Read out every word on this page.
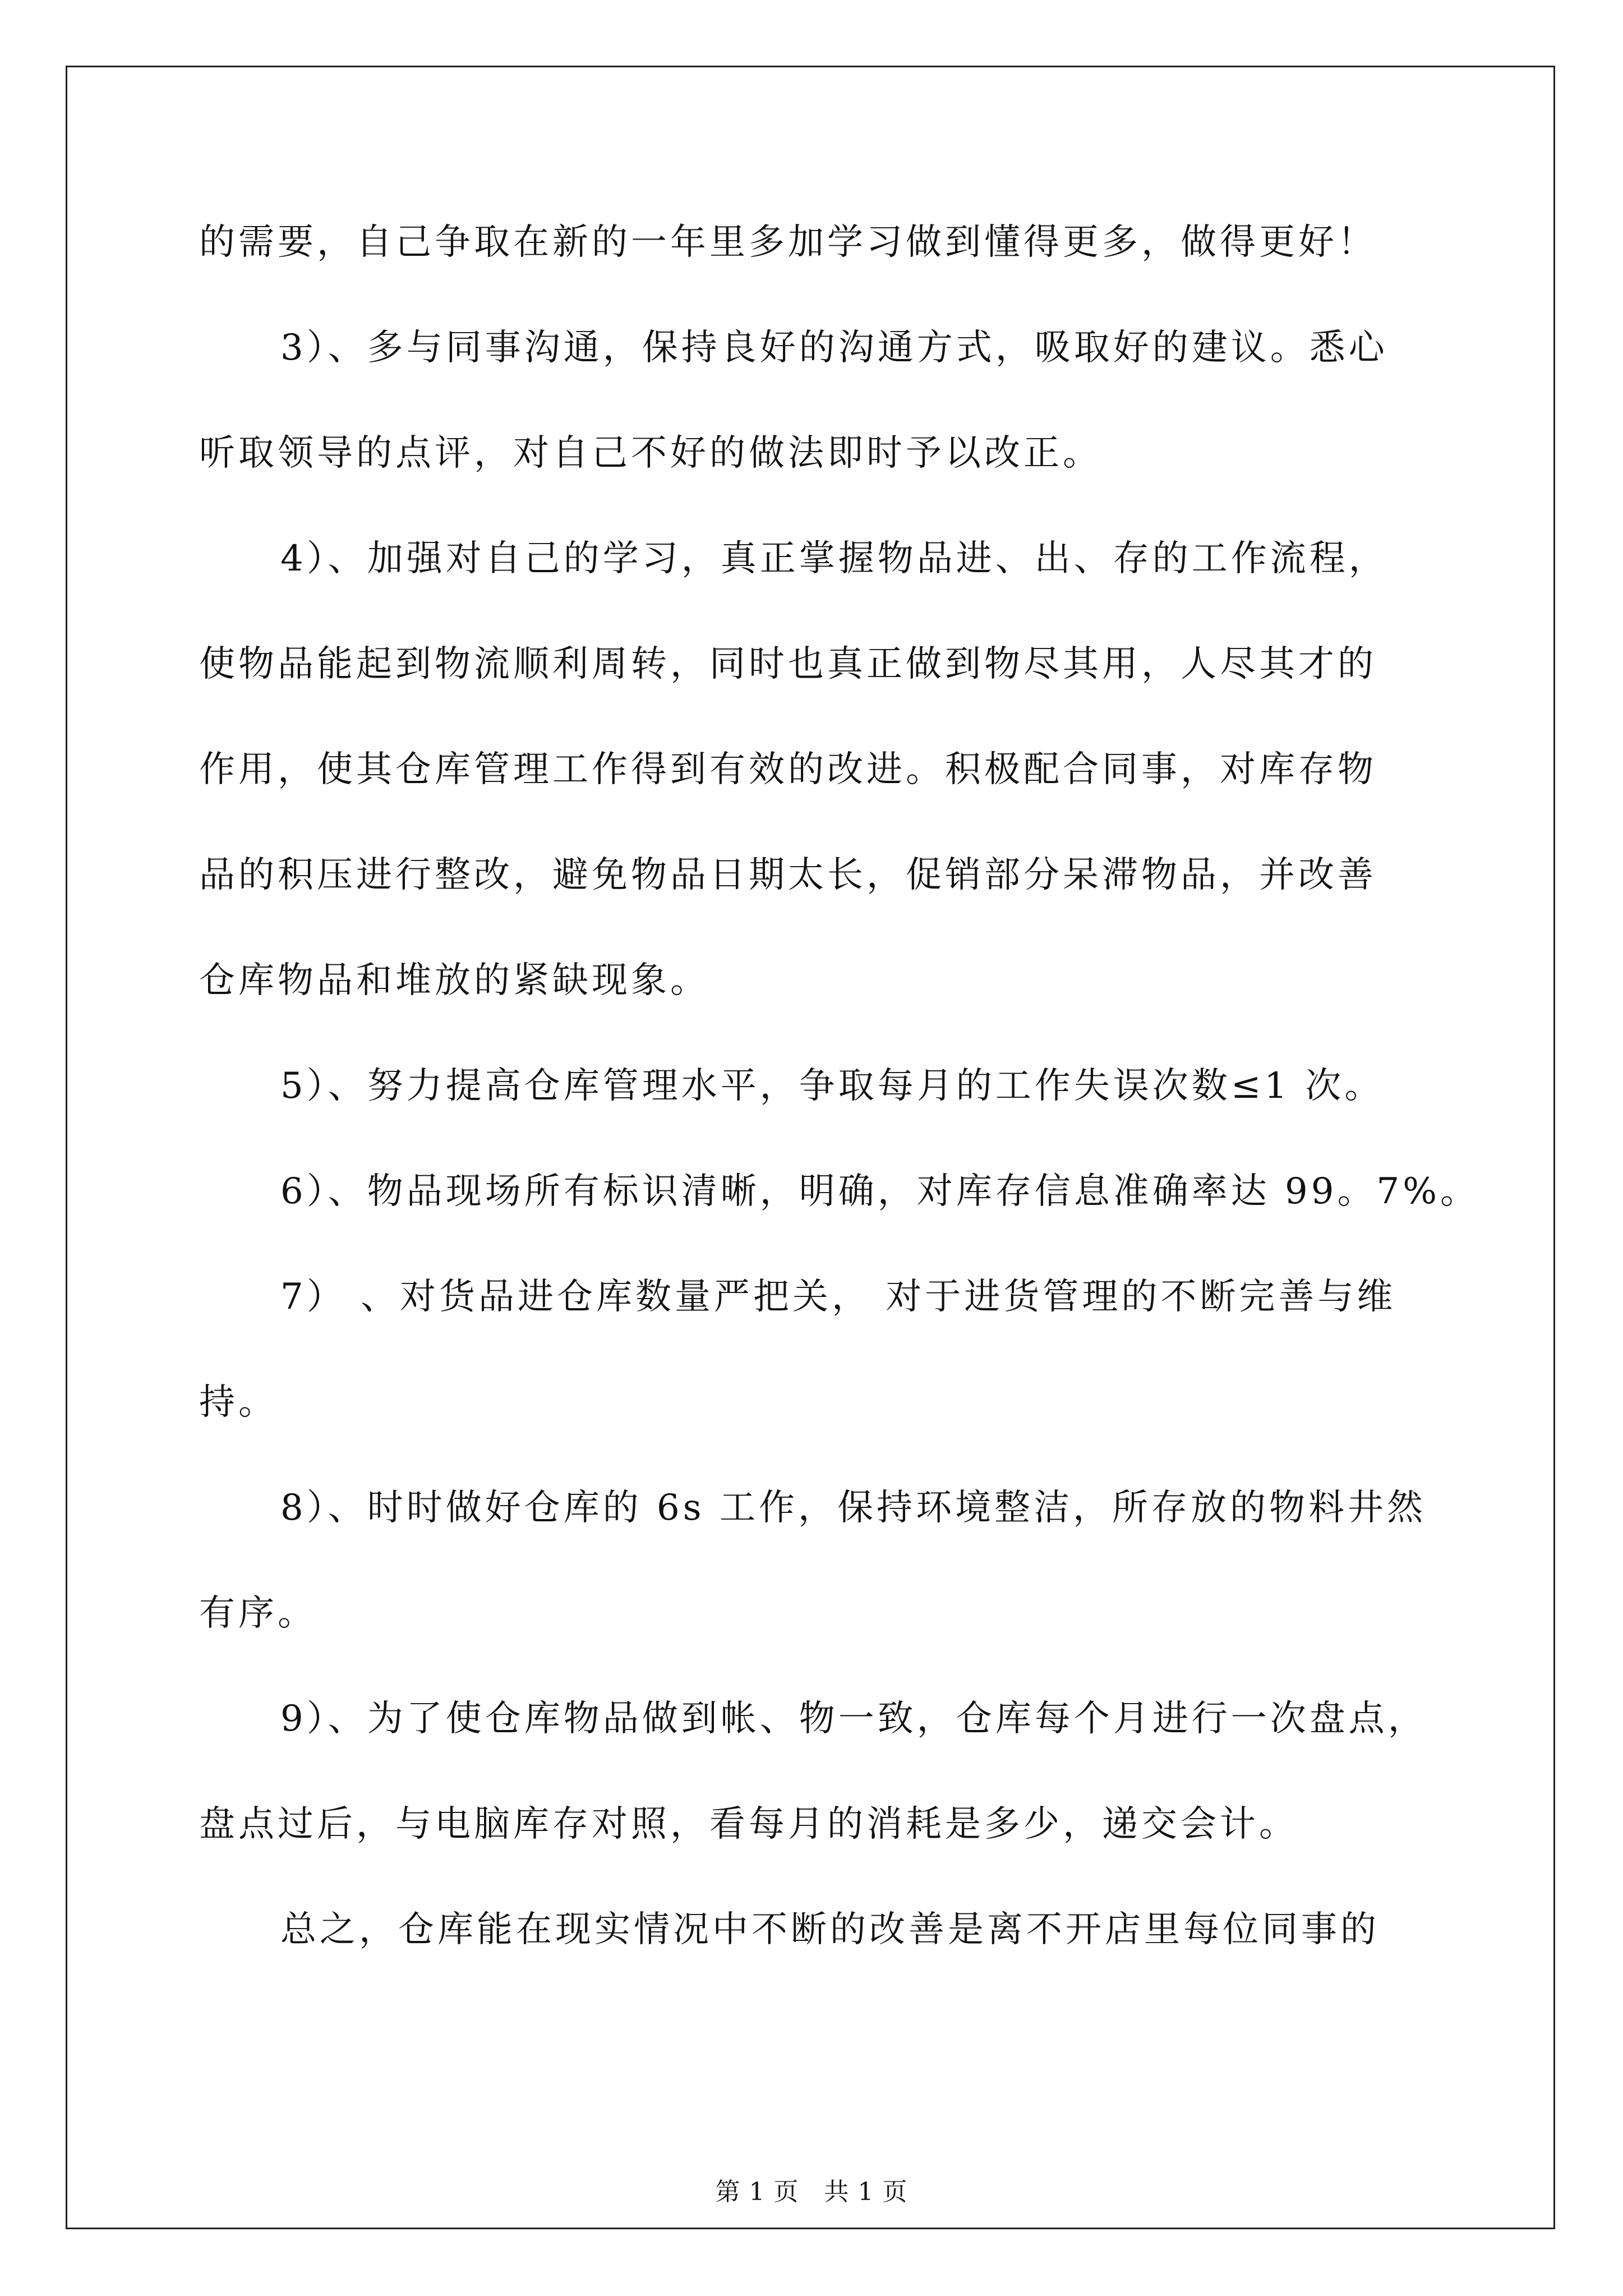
的需要，自己争取在新的一年里多加学习做到懂得更多，做得更好！
3）、多与同事沟通，保持良好的沟通方式，吸取好的建议。悉心
听取领导的点评，对自己不好的做法即时予以改正。
4）、加强对自己的学习，真正掌握物品进、出、存的工作流程，
使物品能起到物流顺利周转，同时也真正做到物尽其用，人尽其才的
作用，使其仓库管理工作得到有效的改进。积极配合同事，对库存物
品的积压进行整改，避免物品日期太长，促销部分呆滞物品，并改善
仓库物品和堆放的紧缺现象。
5）、努力提高仓库管理水平，争取每月的工作失误次数≤1 次。
6）、物品现场所有标识清晰，明确，对库存信息准确率达 99。7%。
7） 、对货品进仓库数量严把关， 对于进货管理的不断完善与维
持。
8）、时时做好仓库的 6s 工作，保持环境整洁，所存放的物料井然
有序。
9）、为了使仓库物品做到帐、物一致，仓库每个月进行一次盘点，
盘点过后，与电脑库存对照，看每月的消耗是多少，递交会计。
总之，仓库能在现实情况中不断的改善是离不开店里每位同事的
第 1 页　共 1 页
